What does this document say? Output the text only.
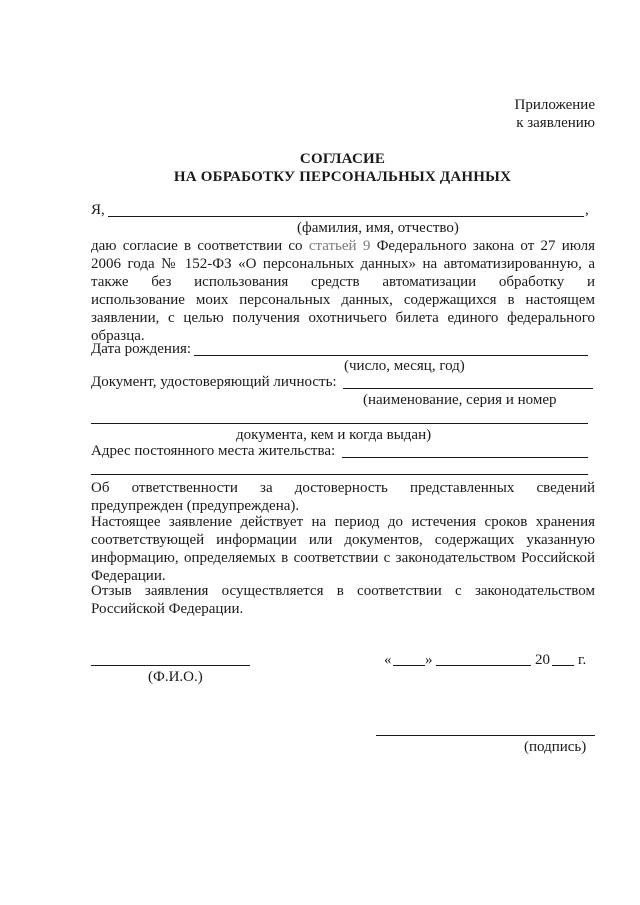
Приложение
к заявлению
СОГЛАСИЕ
НА ОБРАБОТКУ ПЕРСОНАЛЬНЫХ ДАННЫХ
Я,	,
(фамилия, имя, отчество)
даю согласие в соответствии со статьей 9 Федерального закона от 27 июля
2006 года № 152-ФЗ «О персональных данных» на автоматизированную, а
также без использования средств автоматизации обработку и
использование моих персональных данных, содержащихся в настоящем
заявлении, с целью получения охотничьего билета единого федерального
образца.
Дата рождения:
(число, месяц, год)
Документ, удостоверяющий личность:
(наименование, серия и номер
документа, кем и когда выдан)
Адрес постоянного места жительства:
Об ответственности за достоверность представленных сведений
предупрежден (предупреждена).
Настоящее заявление действует на период до истечения сроков хранения
соответствующей информации или документов, содержащих указанную
информацию, определяемых в соответствии с законодательством Российской
Федерации.
Отзыв заявления осуществляется в соответствии с законодательством
Российской Федерации.
(Ф.И.О.)
« »	20 г.
(подпись)
